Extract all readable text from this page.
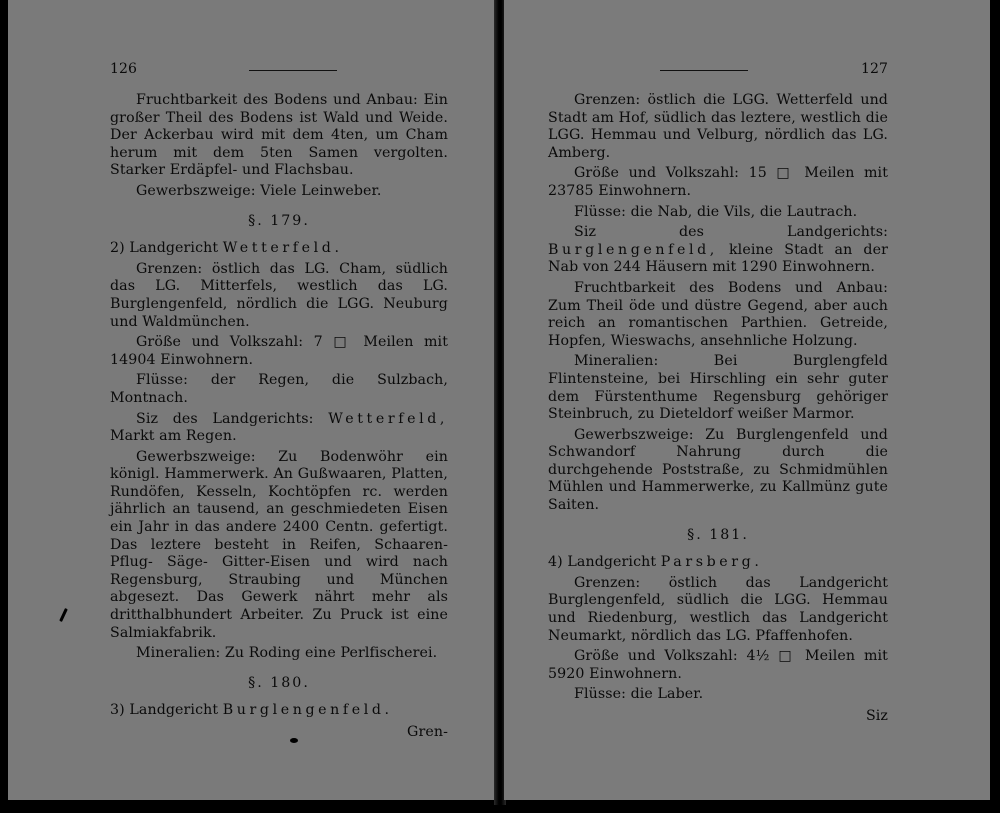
126

Fruchtbarkeit des Bodens und Anbau: Ein großer Theil des Bodens ist Wald und Weide. Der Ackerbau wird mit dem 4ten, um Cham herum mit dem 5ten Samen vergolten. Starker Erdäpfel- und Flachsbau.

Gewerbszweige: Viele Leinweber.

§. 179.

2) Landgericht Wetterfeld.

Grenzen: östlich das LG. Cham, südlich das LG. Mitterfels, westlich das LG. Burglengenfeld, nördlich die LGG. Neuburg und Waldmünchen.

Größe und Volkszahl: 7 □ Meilen mit 14904 Einwohnern.

Flüsse: der Regen, die Sulzbach, Montnach.

Siz des Landgerichts: Wetterfeld, Markt am Regen.

Gewerbszweige: Zu Bodenwöhr ein königl. Hammerwerk. An Gußwaaren, Platten, Rundöfen, Kesseln, Kochtöpfen rc. werden jährlich an tausend, an geschmiedeten Eisen ein Jahr in das andere 2400 Centn. gefertigt. Das leztere besteht in Reifen, Schaaren- Pflug- Säge- Gitter-Eisen und wird nach Regensburg, Straubing und München abgesezt. Das Gewerk nährt mehr als dritthalbhundert Arbeiter. Zu Pruck ist eine Salmiakfabrik.

Mineralien: Zu Roding eine Perlfischerei.

§. 180.

3) Landgericht Burglengenfeld.

Gren-

127

Grenzen: östlich die LGG. Wetterfeld und Stadt am Hof, südlich das leztere, westlich die LGG. Hemmau und Velburg, nördlich das LG. Amberg.

Größe und Volkszahl: 15 □ Meilen mit 23785 Einwohnern.

Flüsse: die Nab, die Vils, die Lautrach.

Siz des Landgerichts: Burglengenfeld, kleine Stadt an der Nab von 244 Häusern mit 1290 Einwohnern.

Fruchtbarkeit des Bodens und Anbau: Zum Theil öde und düstre Gegend, aber auch reich an romantischen Parthien. Getreide, Hopfen, Wieswachs, ansehnliche Holzung.

Mineralien: Bei Burglengfeld Flintensteine, bei Hirschling ein sehr guter dem Fürstenthume Regensburg gehöriger Steinbruch, zu Dieteldorf weißer Marmor.

Gewerbszweige: Zu Burglengenfeld und Schwandorf Nahrung durch die durchgehende Poststraße, zu Schmidmühlen Mühlen und Hammerwerke, zu Kallmünz gute Saiten.

§. 181.

4) Landgericht Parsberg.

Grenzen: östlich das Landgericht Burglengenfeld, südlich die LGG. Hemmau und Riedenburg, westlich das Landgericht Neumarkt, nördlich das LG. Pfaffenhofen.

Größe und Volkszahl: 4½ □ Meilen mit 5920 Einwohnern.

Flüsse: die Laber.

Siz
